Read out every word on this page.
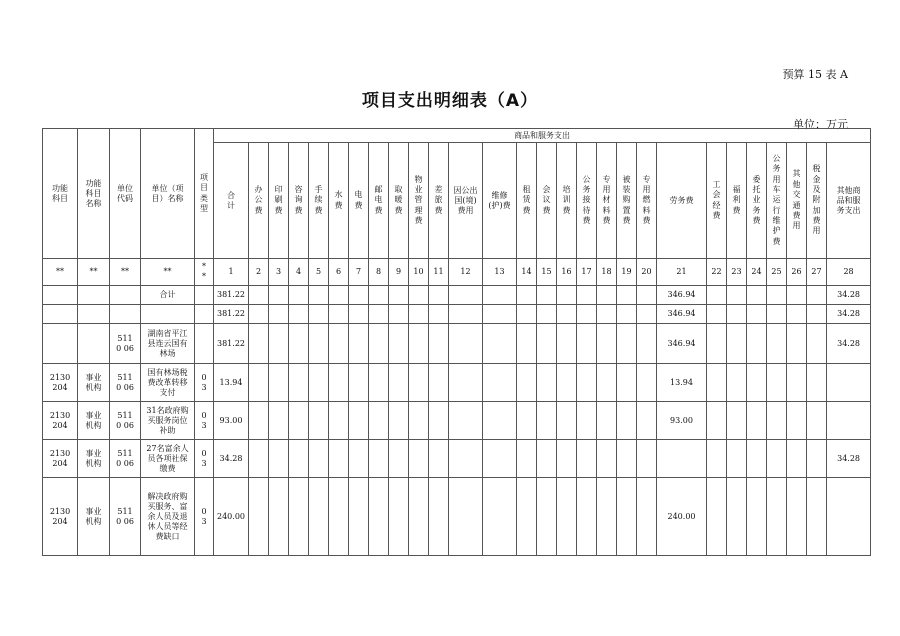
预算 15 表 A
项目支出明细表（A）
单位：万元
功能科目	功能科目名称	单位代码	单位（项目）名称	项目类型	商品和服务支出																											
					合计	办公费	印刷费	咨询费	手续费	水费	电费	邮电费	取暖费	物业管理费	差旅费	因公出国(境)费用	维修(护)费	租赁费	会议费	培训费	公务接待费	专用材料费	被装购置费	专用燃料费	劳务费	工会经费	福利费	委托业务费	公务用车运行维护费	其他交通费用	税金及附加费用	其他商品和服务支出
**	**	**	**	* *	1	2	3	4	5	6	7	8	9	10	11	12	13	14	15	16	17	18	19	20	21	22	23	24	25	26	27	28
			合计		381.22																				346.94							34.28
					381.22																				346.94							34.28
		5110 06	湖南省平江县连云国有林场		381.22																				346.94							34.28
2130 204	事业机构	5110 06	国有林场税费改革转移支付	0 3	13.94																				13.94							
2130 204	事业机构	5110 06	31名政府购买服务岗位补助	0 3	93.00																				93.00							
2130 204	事业机构	5110 06	27名富余人员各项社保缴费	0 3	34.28																											34.28
2130 204	事业机构	5110 06	解决政府购买服务、富余人员及退休人员等经费缺口	0 3	240.00																				240.00							
